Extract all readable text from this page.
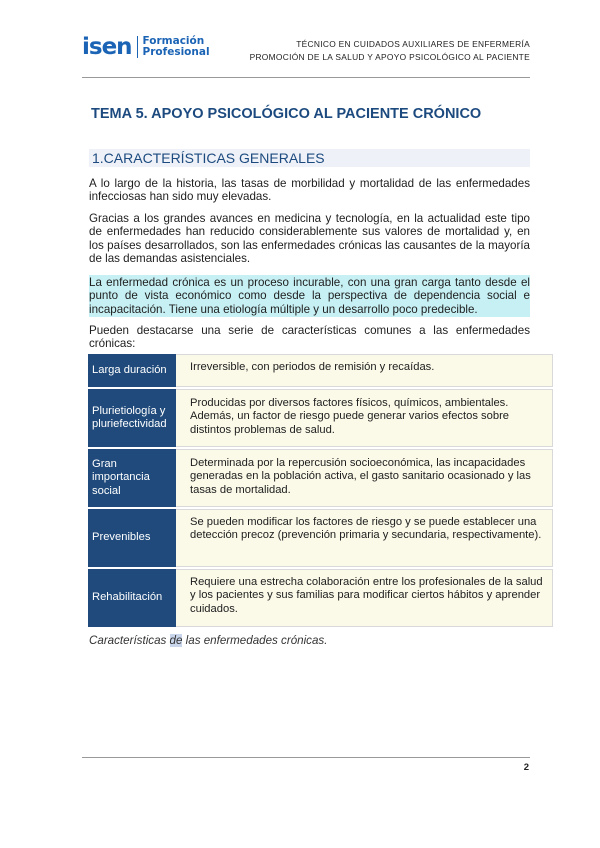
isen Formación
Profesional
TÉCNICO EN CUIDADOS AUXILIARES DE ENFERMERÍA
PROMOCIÓN DE LA SALUD Y APOYO PSICOLÓGICO AL PACIENTE
TEMA 5. APOYO PSICOLÓGICO AL PACIENTE CRÓNICO
1.CARACTERÍSTICAS GENERALES
A lo largo de la historia, las tasas de morbilidad y mortalidad de las enfermedades infecciosas han sido muy elevadas.
Gracias a los grandes avances en medicina y tecnología, en la actualidad este tipo de enfermedades han reducido considerablemente sus valores de mortalidad y, en los países desarrollados, son las enfermedades crónicas las causantes de la mayoría de las demandas asistenciales.
La enfermedad crónica es un proceso incurable, con una gran carga tanto desde el punto de vista económico como desde la perspectiva de dependencia social e incapacitación. Tiene una etiología múltiple y un desarrollo poco predecible.
Pueden destacarse una serie de características comunes a las enfermedades crónicas:
Larga duración	Irreversible, con periodos de remisión y recaídas.
Plurietiología y pluriefectividad
Producidas por diversos factores físicos, químicos, ambientales. Además, un factor de riesgo puede generar varios efectos sobre distintos problemas de salud.
Gran importancia social
Determinada por la repercusión socioeconómica, las incapacidades generadas en la población activa, el gasto sanitario ocasionado y las tasas de mortalidad.
Prevenibles
Se pueden modificar los factores de riesgo y se puede establecer una detección precoz (prevención primaria y secundaria, respectivamente).
Rehabilitación
Requiere una estrecha colaboración entre los profesionales de la salud y los pacientes y sus familias para modificar ciertos hábitos y aprender cuidados.
Características de las enfermedades crónicas.
2
